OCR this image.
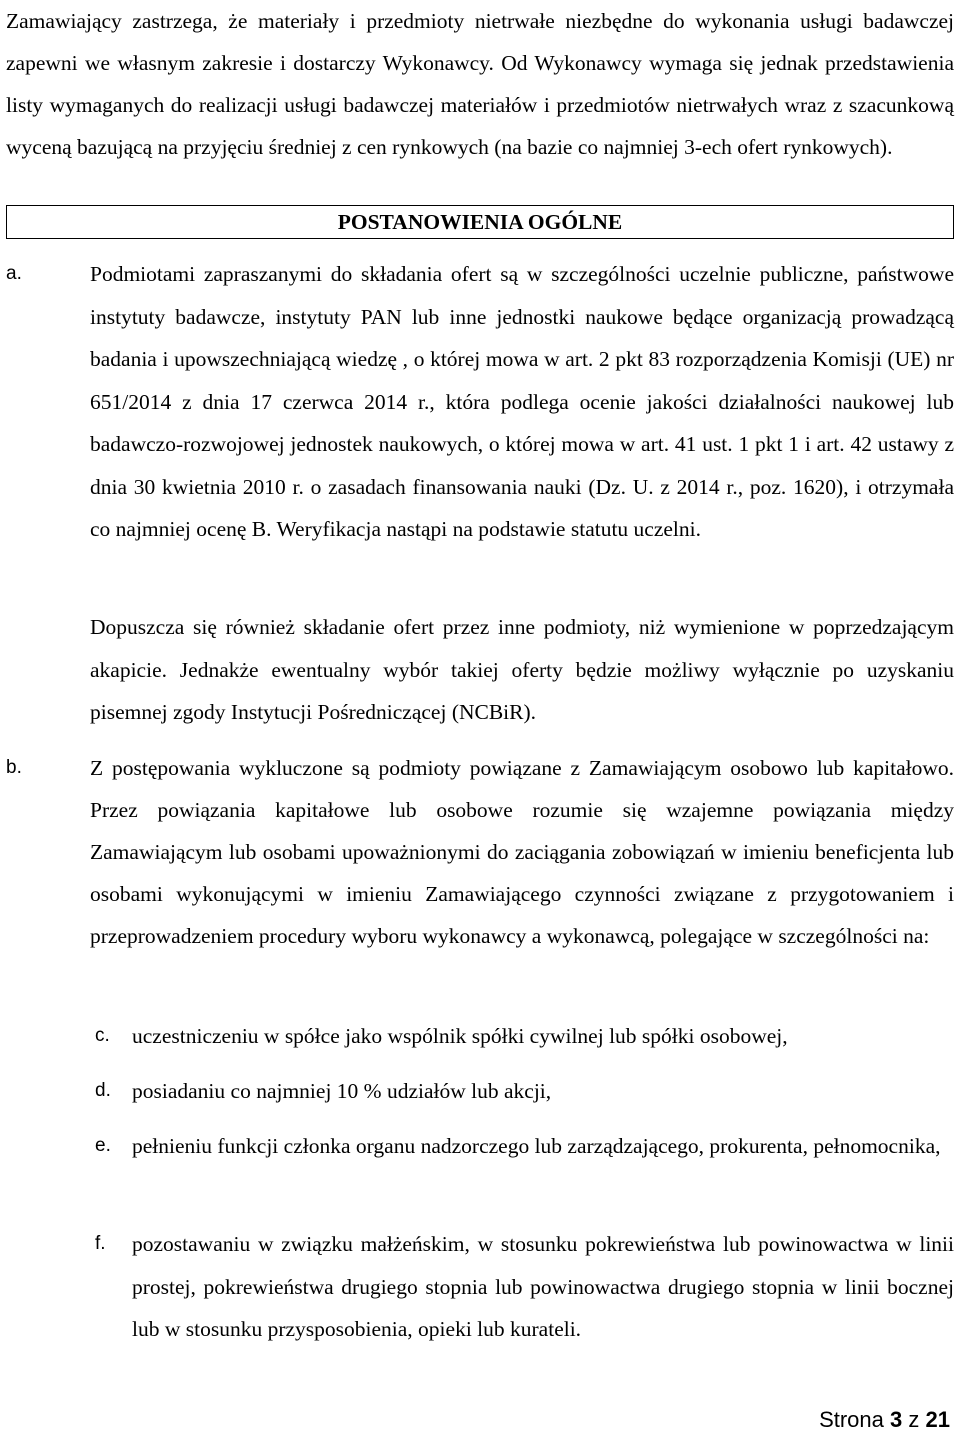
Zamawiający zastrzega, że materiały i przedmioty nietrwałe niezbędne do wykonania usługi badawczej zapewni we własnym zakresie i dostarczy Wykonawcy. Od Wykonawcy wymaga się jednak przedstawienia listy wymaganych do realizacji usługi badawczej materiałów i przedmiotów nietrwałych wraz z szacunkową wyceną bazującą na przyjęciu średniej z cen rynkowych (na bazie co najmniej 3-ech ofert rynkowych).

POSTANOWIENIA OGÓLNE
a.	Podmiotami zapraszanymi do składania ofert są w szczególności uczelnie publiczne, państwowe instytuty badawcze, instytuty PAN lub inne jednostki naukowe będące organizacją prowadzącą badania i upowszechniającą wiedzę , o której mowa w art. 2 pkt 83 rozporządzenia Komisji (UE) nr 651/2014 z dnia 17 czerwca 2014 r., która podlega ocenie jakości działalności naukowej lub badawczo-rozwojowej jednostek naukowych, o której mowa w art. 41 ust. 1 pkt 1 i art. 42 ustawy z dnia 30 kwietnia 2010 r. o zasadach finansowania nauki (Dz. U. z 2014 r., poz. 1620), i otrzymała co najmniej ocenę B. Weryfikacja nastąpi na podstawie statutu uczelni.

Dopuszcza się również składanie ofert przez inne podmioty, niż wymienione w poprzedzającym akapicie. Jednakże ewentualny wybór takiej oferty będzie możliwy wyłącznie po uzyskaniu pisemnej zgody Instytucji Pośredniczącej (NCBiR).

b.	Z postępowania wykluczone są podmioty powiązane z Zamawiającym osobowo lub kapitałowo. Przez powiązania kapitałowe lub osobowe rozumie się wzajemne powiązania między Zamawiającym lub osobami upoważnionymi do zaciągania zobowiązań w imieniu beneficjenta lub osobami wykonującymi w imieniu Zamawiającego czynności związane z przygotowaniem i przeprowadzeniem procedury wyboru wykonawcy a wykonawcą, polegające w szczególności na:

c. uczestniczeniu w spółce jako wspólnik spółki cywilnej lub spółki osobowej,

d. posiadaniu co najmniej 10 % udziałów lub akcji,

e. pełnieniu funkcji członka organu nadzorczego lub zarządzającego, prokurenta, pełnomocnika,

f. pozostawaniu w związku małżeńskim, w stosunku pokrewieństwa lub powinowactwa w linii prostej, pokrewieństwa drugiego stopnia lub powinowactwa drugiego stopnia w linii bocznej lub w stosunku przysposobienia, opieki lub kurateli.

Strona 3 z 21
